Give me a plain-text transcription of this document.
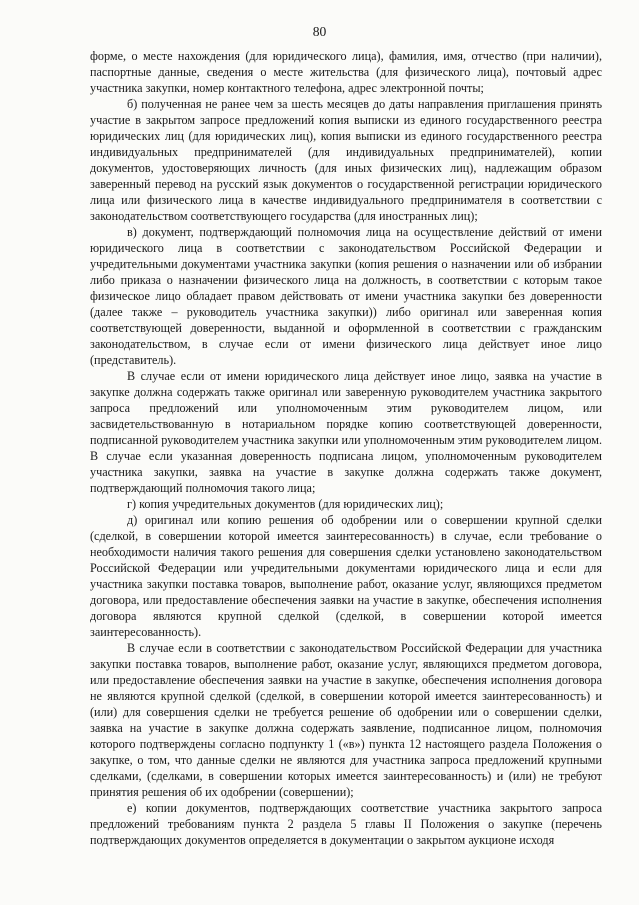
80

форме, о месте нахождения (для юридического лица), фамилия, имя, отчество (при наличии), паспортные данные, сведения о месте жительства (для физического лица), почтовый адрес участника закупки, номер контактного телефона, адрес электронной почты;

б) полученная не ранее чем за шесть месяцев до даты направления приглашения принять участие в закрытом запросе предложений копия выписки из единого государственного реестра юридических лиц (для юридических лиц), копия выписки из единого государственного реестра индивидуальных предпринимателей (для индивидуальных предпринимателей), копии документов, удостоверяющих личность (для иных физических лиц), надлежащим образом заверенный перевод на русский язык документов о государственной регистрации юридического лица или физического лица в качестве индивидуального предпринимателя в соответствии с законодательством соответствующего государства (для иностранных лиц);

в) документ, подтверждающий полномочия лица на осуществление действий от имени юридического лица в соответствии с законодательством Российской Федерации и учредительными документами участника закупки (копия решения о назначении или об избрании либо приказа о назначении физического лица на должность, в соответствии с которым такое физическое лицо обладает правом действовать от имени участника закупки без доверенности (далее также – руководитель участника закупки)) либо оригинал или заверенная копия соответствующей доверенности, выданной и оформленной в соответствии с гражданским законодательством, в случае если от имени физического лица действует иное лицо (представитель).

В случае если от имени юридического лица действует иное лицо, заявка на участие в закупке должна содержать также оригинал или заверенную руководителем участника закрытого запроса предложений или уполномоченным этим руководителем лицом, или засвидетельствованную в нотариальном порядке копию соответствующей доверенности, подписанной руководителем участника закупки или уполномоченным этим руководителем лицом. В случае если указанная доверенность подписана лицом, уполномоченным руководителем участника закупки, заявка на участие в закупке должна содержать также документ, подтверждающий полномочия такого лица;

г) копия учредительных документов (для юридических лиц);

д) оригинал или копию решения об одобрении или о совершении крупной сделки (сделкой, в совершении которой имеется заинтересованность) в случае, если требование о необходимости наличия такого решения для совершения сделки установлено законодательством Российской Федерации или учредительными документами юридического лица и если для участника закупки поставка товаров, выполнение работ, оказание услуг, являющихся предметом договора, или предоставление обеспечения заявки на участие в закупке, обеспечения исполнения договора являются крупной сделкой (сделкой, в совершении которой имеется заинтересованность).

В случае если в соответствии с законодательством Российской Федерации для участника закупки поставка товаров, выполнение работ, оказание услуг, являющихся предметом договора, или предоставление обеспечения заявки на участие в закупке, обеспечения исполнения договора не являются крупной сделкой (сделкой, в совершении которой имеется заинтересованность) и (или) для совершения сделки не требуется решение об одобрении или о совершении сделки, заявка на участие в закупке должна содержать заявление, подписанное лицом, полномочия которого подтверждены согласно подпункту 1 («в») пункта 12 настоящего раздела Положения о закупке, о том, что данные сделки не являются для участника запроса предложений крупными сделками, (сделками, в совершении которых имеется заинтересованность) и (или) не требуют принятия решения об их одобрении (совершении);

е) копии документов, подтверждающих соответствие участника закрытого запроса предложений требованиям пункта 2 раздела 5 главы II Положения о закупке (перечень подтверждающих документов определяется в документации о закрытом аукционе исходя
